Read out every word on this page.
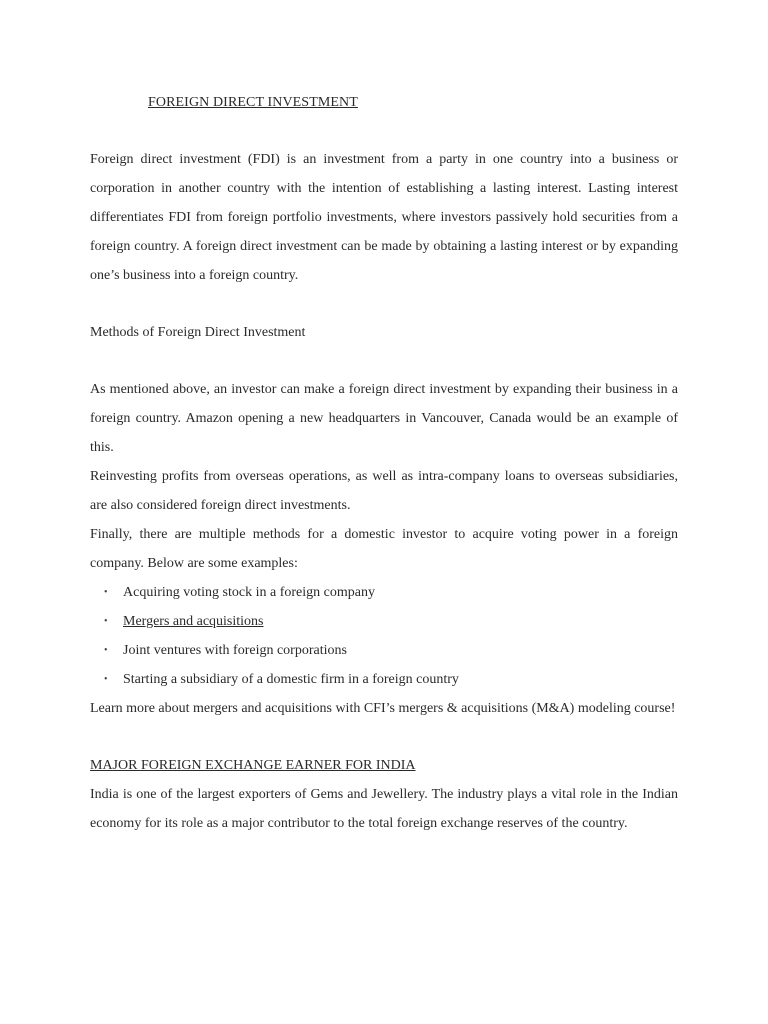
FOREIGN DIRECT INVESTMENT

Foreign direct investment (FDI) is an investment from a party in one country into a business or corporation in another country with the intention of establishing a lasting interest. Lasting interest differentiates FDI from foreign portfolio investments, where investors passively hold securities from a foreign country. A foreign direct investment can be made by obtaining a lasting interest or by expanding one’s business into a foreign country.

Methods of Foreign Direct Investment

As mentioned above, an investor can make a foreign direct investment by expanding their business in a foreign country. Amazon opening a new headquarters in Vancouver, Canada would be an example of this.

Reinvesting profits from overseas operations, as well as intra-company loans to overseas subsidiaries, are also considered foreign direct investments.

Finally, there are multiple methods for a domestic investor to acquire voting power in a foreign company. Below are some examples:

• Acquiring voting stock in a foreign company
• Mergers and acquisitions
• Joint ventures with foreign corporations
• Starting a subsidiary of a domestic firm in a foreign country

Learn more about mergers and acquisitions with CFI’s mergers & acquisitions (M&A) modeling course!

MAJOR FOREIGN EXCHANGE EARNER FOR INDIA

India is one of the largest exporters of Gems and Jewellery. The industry plays a vital role in the Indian economy for its role as a major contributor to the total foreign exchange reserves of the country.
